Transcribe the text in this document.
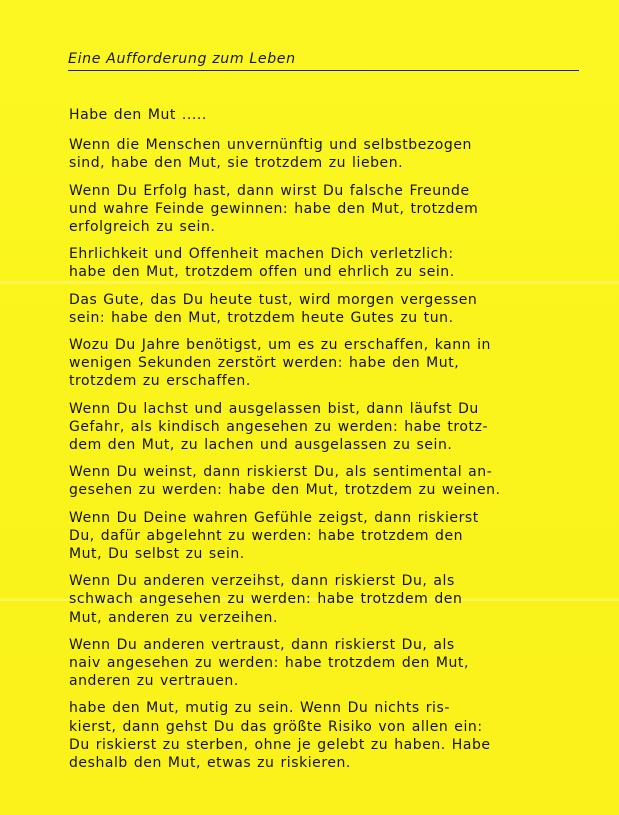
Eine Aufforderung zum Leben

Habe den Mut .....

Wenn die Menschen unvernünftig und selbstbezogen
sind, habe den Mut, sie trotzdem zu lieben.

Wenn Du Erfolg hast, dann wirst Du falsche Freunde
und wahre Feinde gewinnen: habe den Mut, trotzdem
erfolgreich zu sein.

Ehrlichkeit und Offenheit machen Dich verletzlich:
habe den Mut, trotzdem offen und ehrlich zu sein.

Das Gute, das Du heute tust, wird morgen vergessen
sein: habe den Mut, trotzdem heute Gutes zu tun.

Wozu Du Jahre benötigst, um es zu erschaffen, kann in
wenigen Sekunden zerstört werden: habe den Mut,
trotzdem zu erschaffen.

Wenn Du lachst und ausgelassen bist, dann läufst Du
Gefahr, als kindisch angesehen zu werden: habe trotz-
dem den Mut, zu lachen und ausgelassen zu sein.

Wenn Du weinst, dann riskierst Du, als sentimental an-
gesehen zu werden: habe den Mut, trotzdem zu weinen.

Wenn Du Deine wahren Gefühle zeigst, dann riskierst
Du, dafür abgelehnt zu werden: habe trotzdem den
Mut, Du selbst zu sein.

Wenn Du anderen verzeihst, dann riskierst Du, als
schwach angesehen zu werden: habe trotzdem den
Mut, anderen zu verzeihen.

Wenn Du anderen vertraust, dann riskierst Du, als
naiv angesehen zu werden: habe trotzdem den Mut,
anderen zu vertrauen.

habe den Mut, mutig zu sein. Wenn Du nichts ris-
kierst, dann gehst Du das größte Risiko von allen ein:
Du riskierst zu sterben, ohne je gelebt zu haben. Habe
deshalb den Mut, etwas zu riskieren.
